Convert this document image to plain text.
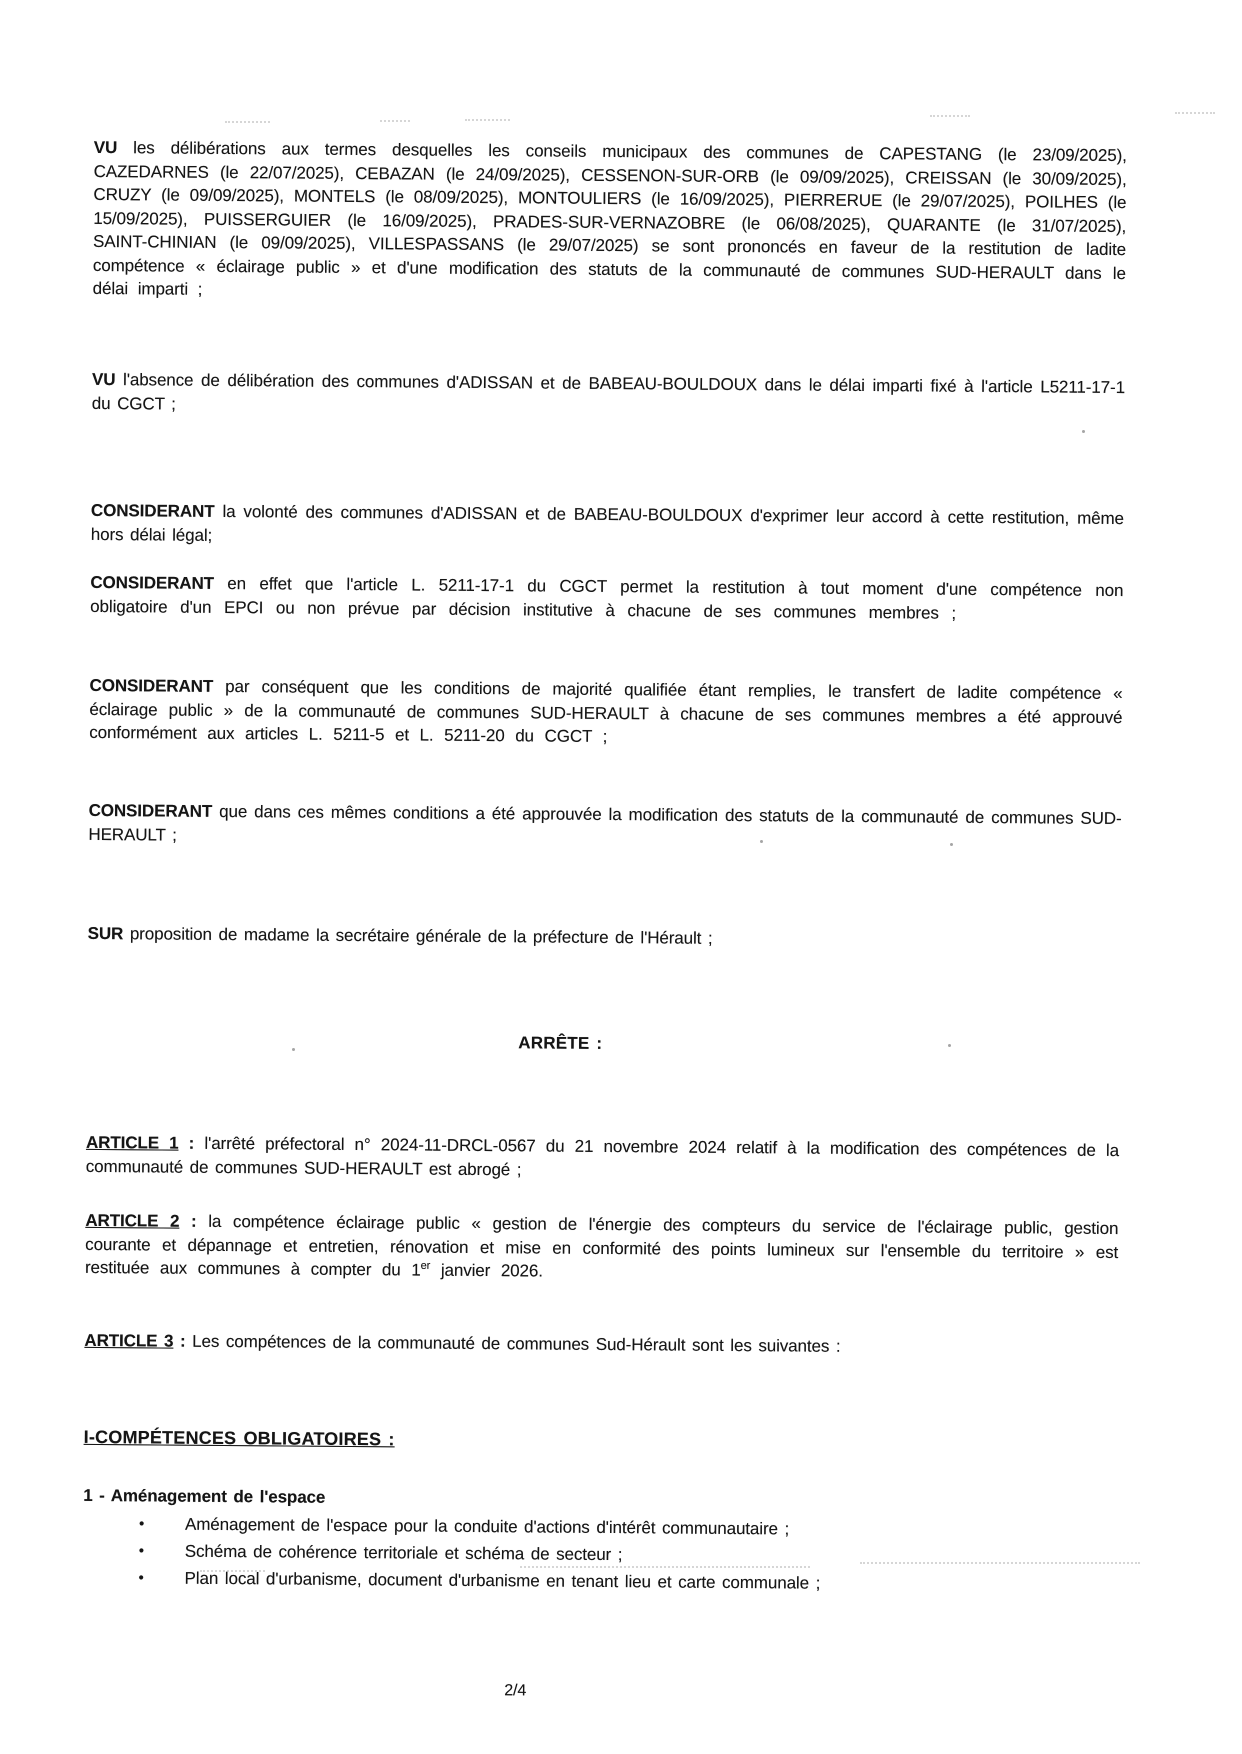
VU les délibérations aux termes desquelles les conseils municipaux des communes de CAPESTANG (le 23/09/2025), CAZEDARNES (le 22/07/2025), CEBAZAN (le 24/09/2025), CESSENON-SUR-ORB (le 09/09/2025), CREISSAN (le 30/09/2025), CRUZY (le 09/09/2025), MONTELS (le 08/09/2025), MONTOULIERS (le 16/09/2025), PIERRERUE (le 29/07/2025), POILHES (le 15/09/2025), PUISSERGUIER (le 16/09/2025), PRADES-SUR-VERNAZOBRE (le 06/08/2025), QUARANTE (le 31/07/2025), SAINT-CHINIAN (le 09/09/2025), VILLESPASSANS (le 29/07/2025) se sont prononcés en faveur de la restitution de ladite compétence « éclairage public » et d'une modification des statuts de la communauté de communes SUD-HERAULT dans le délai imparti ;

VU l'absence de délibération des communes d'ADISSAN et de BABEAU-BOULDOUX dans le délai imparti fixé à l'article L5211-17-1 du CGCT ;

CONSIDERANT la volonté des communes d'ADISSAN et de BABEAU-BOULDOUX d'exprimer leur accord à cette restitution, même hors délai légal;

CONSIDERANT en effet que l'article L. 5211-17-1 du CGCT permet la restitution à tout moment d'une compétence non obligatoire d'un EPCI ou non prévue par décision institutive à chacune de ses communes membres ;

CONSIDERANT par conséquent que les conditions de majorité qualifiée étant remplies, le transfert de ladite compétence « éclairage public » de la communauté de communes SUD-HERAULT à chacune de ses communes membres a été approuvé conformément aux articles L. 5211-5 et L. 5211-20 du CGCT ;

CONSIDERANT que dans ces mêmes conditions a été approuvée la modification des statuts de la communauté de communes SUD-HERAULT ;

SUR proposition de madame la secrétaire générale de la préfecture de l'Hérault ;

ARRÊTE :

ARTICLE 1 : l'arrêté préfectoral n° 2024-11-DRCL-0567 du 21 novembre 2024 relatif à la modification des compétences de la communauté de communes SUD-HERAULT est abrogé ;

ARTICLE 2 : la compétence éclairage public « gestion de l'énergie des compteurs du service de l'éclairage public, gestion courante et dépannage et entretien, rénovation et mise en conformité des points lumineux sur l'ensemble du territoire » est restituée aux communes à compter du 1er janvier 2026.

ARTICLE 3 : Les compétences de la communauté de communes Sud-Hérault sont les suivantes :

I-COMPÉTENCES OBLIGATOIRES :

1 - Aménagement de l'espace

• Aménagement de l'espace pour la conduite d'actions d'intérêt communautaire ;
• Schéma de cohérence territoriale et schéma de secteur ;
• Plan local d'urbanisme, document d'urbanisme en tenant lieu et carte communale ;

2/4
